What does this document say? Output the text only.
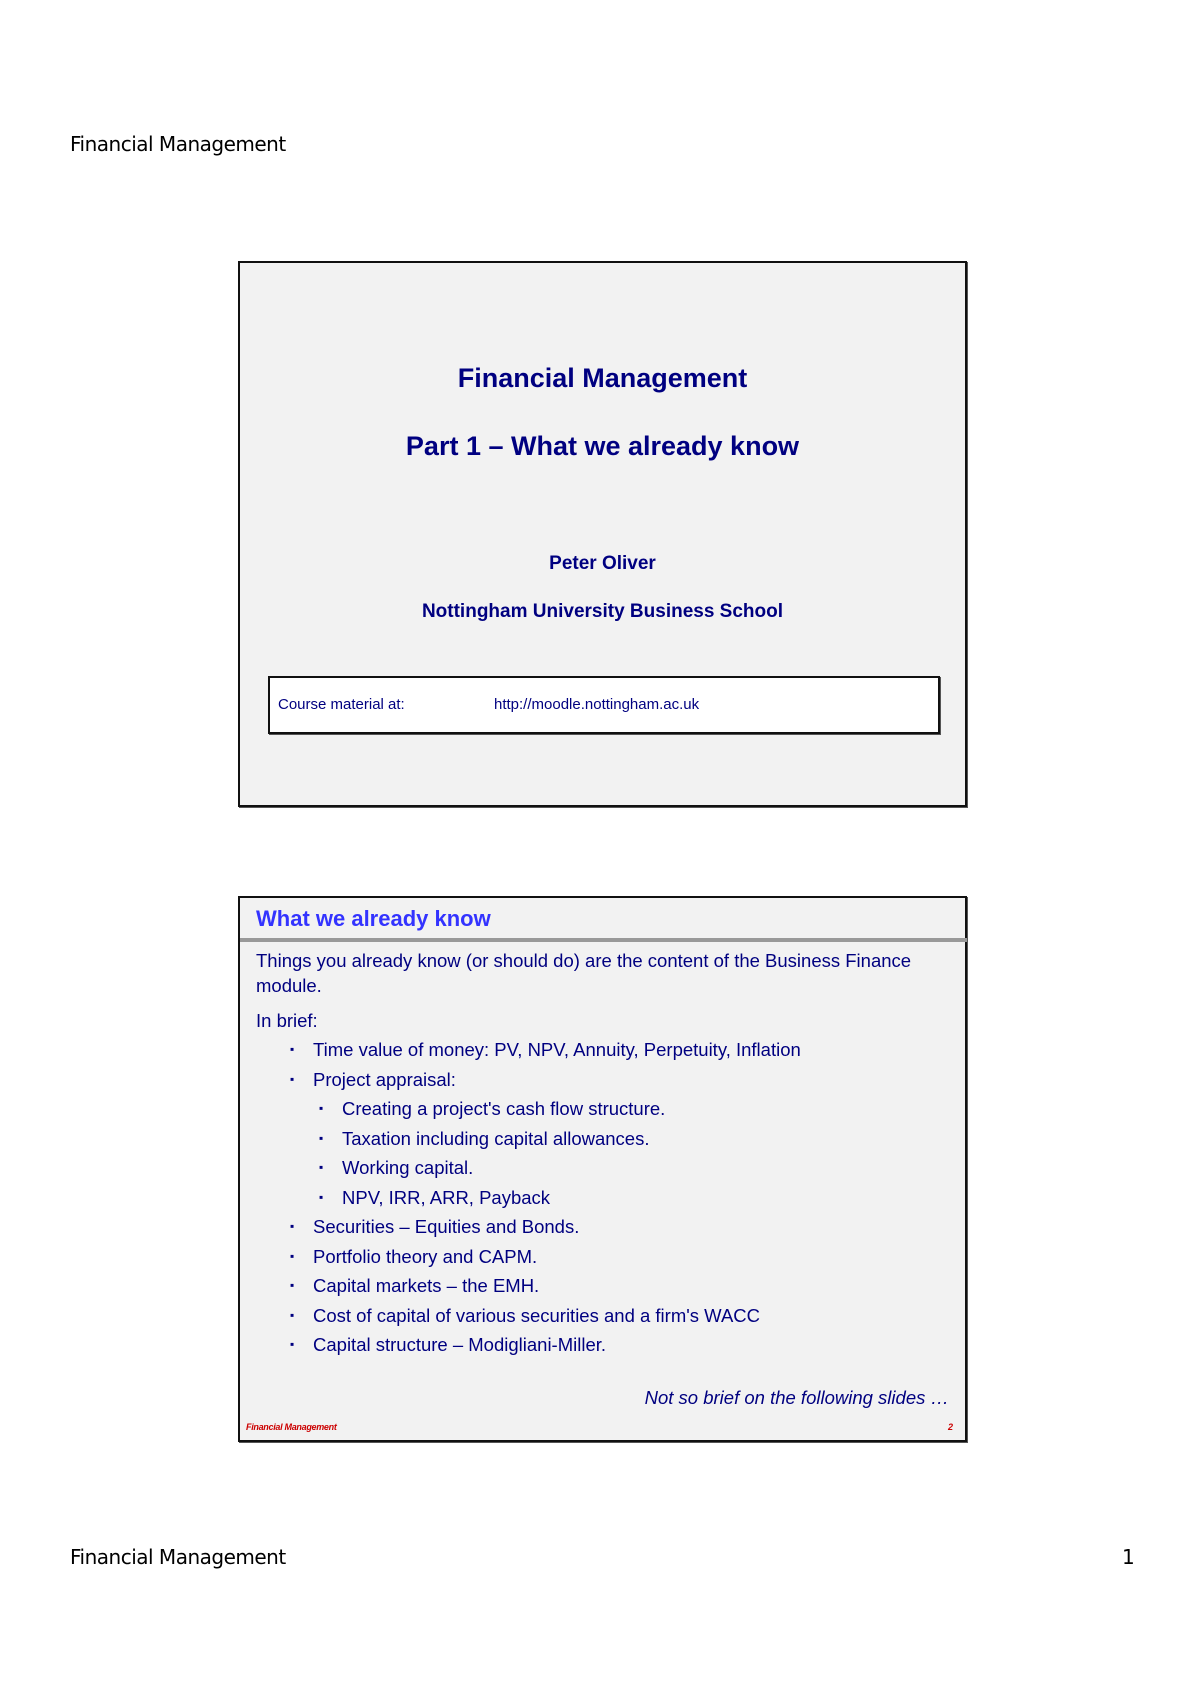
Financial Management
Financial Management
Part 1 – What we already know
Peter Oliver
Nottingham University Business School
Course material at:	http://moodle.nottingham.ac.uk
What we already know

Things you already know (or should do) are the content of the Business Finance module.

In brief:

▪ Time value of money: PV, NPV, Annuity, Perpetuity, Inflation
▪ Project appraisal:
▪ Creating a project's cash flow structure.
▪ Taxation including capital allowances.
▪ Working capital.
▪ NPV, IRR, ARR, Payback
▪ Securities – Equities and Bonds.
▪ Portfolio theory and CAPM.
▪ Capital markets – the EMH.
▪ Cost of capital of various securities and a firm's WACC
▪ Capital structure – Modigliani-Miller.
Not so brief on the following slides …
Financial Management	2
Financial Management	1
